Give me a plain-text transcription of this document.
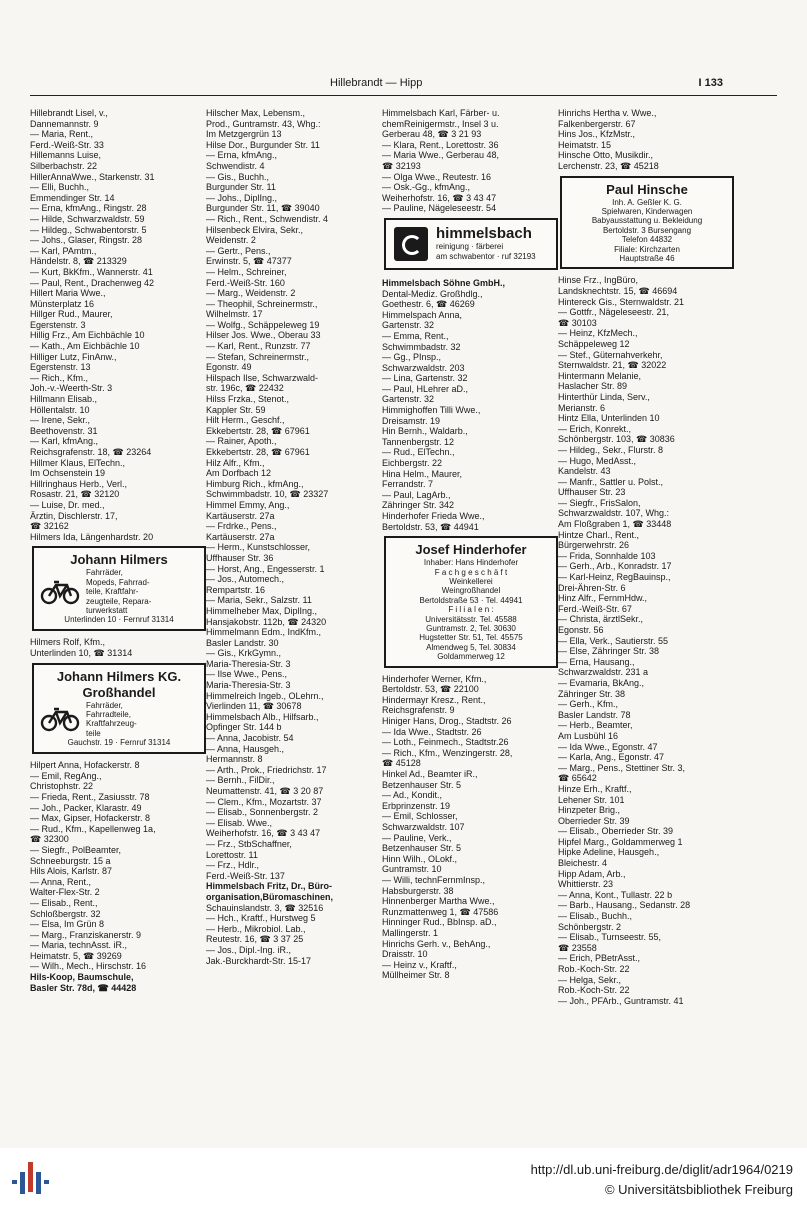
Hillebrandt — Hipp	I 133
Hillebrandt Lisel, v.,
Dannemannstr. 9
— Maria, Rent.,
Ferd.-Weiß-Str. 33
Hillemanns Luise,
Silberbachstr. 22
HillerAnnaWwe., Starkenstr. 31
— Elli, Buchh.,
Emmendinger Str. 14
— Erna, kfmAng., Ringstr. 28
— Hilde, Schwarzwaldstr. 59
— Hildeg., Schwabentorstr. 5
— Johs., Glaser, Ringstr. 28
— Karl, PAmtm.,
Händelstr. 8, ☎ 213329
— Kurt, BkKfm., Wannerstr. 41
— Paul, Rent., Drachenweg 42
Hillert Maria Wwe.,
Münsterplatz 16
Hillger Rud., Maurer,
Egerstenstr. 3
Hillig Frz., Am Eichbächle 10
— Kath., Am Eichbächle 10
Hilliger Lutz, FinAnw.,
Egerstenstr. 13
— Rich., Kfm.,
Joh.-v.-Weerth-Str. 3
Hillmann Elisab.,
Höllentalstr. 10
— Irene, Sekr.,
Beethovenstr. 31
— Karl, kfmAng.,
Reichsgrafenstr. 18, ☎ 23264
Hillmer Klaus, ElTechn.,
Im Ochsenstein 19
Hillringhaus Herb., Verl.,
Rosastr. 21, ☎ 32120
— Luise, Dr. med.,
Ärztin, Dischlerstr. 17,
☎ 32162
Hilmers Ida, Längenhardstr. 20
Johann Hilmers
Fahrräder,
Mopeds, Fahrrad-
teile, Kraftfahr-
zeugteile, Repara-
turwerkstatt
Unterlinden 10 · Fernruf 31314
Hilmers Rolf, Kfm.,
Unterlinden 10, ☎ 31314
Johann Hilmers KG.
Großhandel
Fahrräder,
Fahrradteile,
Kraftfahrzeug-
teile
Gauchstr. 19 · Fernruf 31314
Hilpert Anna, Hofackerstr. 8
— Emil, RegAng.,
Christophstr. 22
— Frieda, Rent., Zasiusstr. 78
— Joh., Packer, Klarastr. 49
— Max, Gipser, Hofackerstr. 8
— Rud., Kfm., Kapellenweg 1a,
☎ 32300
— Siegfr., PolBeamter,
Schneeburgstr. 15 a
Hils Alois, Karlstr. 87
— Anna, Rent.,
Walter-Flex-Str. 2
— Elisab., Rent.,
Schloßbergstr. 32
— Elsa, Im Grün 8
— Marg., Franziskanerstr. 9
— Maria, technAsst. iR.,
Heimatstr. 5, ☎ 39269
— Wilh., Mech., Hirschstr. 16
Hils-Koop, Baumschule,
Basler Str. 78d, ☎ 44428
Hilscher Max, Lebensm.,
Prod., Guntramstr. 43, Whg.:
Im Metzgergrün 13
Hilse Dor., Burgunder Str. 11
— Erna, kfmAng.,
Schwendistr. 4
— Gis., Buchh.,
Burgunder Str. 11
— Johs., DiplIng.,
Burgunder Str. 11, ☎ 39040
— Rich., Rent., Schwendistr. 4
Hilsenbeck Elvira, Sekr.,
Weidenstr. 2
— Gertr., Pens.,
Erwinstr. 5, ☎ 47377
— Helm., Schreiner,
Ferd.-Weiß-Str. 160
— Marg., Weidenstr. 2
— Theophil, Schreinermstr.,
Wilhelmstr. 17
— Wolfg., Schäppeleweg 19
Hilser Jos. Wwe., Oberau 33
— Karl, Rent., Runzstr. 77
— Stefan, Schreinermstr.,
Egonstr. 49
Hilspach Ilse, Schwarzwald-
str. 196c, ☎ 22432
Hilss Frzka., Stenot.,
Kappler Str. 59
Hilt Herm., Geschf.,
Ekkebertstr. 28, ☎ 67961
— Rainer, Apoth.,
Ekkebertstr. 28, ☎ 67961
Hilz Alfr., Kfm.,
Am Dorfbach 12
Himburg Rich., kfmAng.,
Schwimmbadstr. 10, ☎ 23327
Himmel Emmy, Ang.,
Kartäuserstr. 27a
— Frdrke., Pens.,
Kartäuserstr. 27a
— Herm., Kunstschlosser,
Uffhauser Str. 36
— Horst, Ang., Engesserstr. 1
— Jos., Automech.,
Rempartstr. 16
— Maria, Sekr., Salzstr. 11
Himmelheber Max, DiplIng.,
Hansjakobstr. 112b, ☎ 24320
Himmelmann Edm., IndKfm.,
Basler Landstr. 30
— Gis., KrkGymn.,
Maria-Theresia-Str. 3
— Ilse Wwe., Pens.,
Maria-Theresia-Str. 3
Himmelreich Ingeb., OLehrn.,
Vierlinden 11, ☎ 30678
Himmelsbach Alb., Hilfsarb.,
Opfinger Str. 144 b
— Anna, Jacobistr. 54
— Anna, Hausgeh.,
Hermannstr. 8
— Arth., Prok., Friedrichstr. 17
— Bernh., FilDir.,
Neumattenstr. 41, ☎ 3 20 87
— Clem., Kfm., Mozartstr. 37
— Elisab., Sonnenbergstr. 2
— Elisab. Wwe.,
Weiherhofstr. 16, ☎ 3 43 47
— Frz., StbSchaffner,
Lorettostr. 11
— Frz., Hdlr.,
Ferd.-Weiß-Str. 137
Himmelsbach Fritz, Dr., Büro-
organisation,Büromaschinen,
Schauinslandstr. 3, ☎ 32516
— Hch., Kraftf., Hurstweg 5
— Herb., Mikrobiol. Lab.,
Reutestr. 16, ☎ 3 37 25
— Jos., Dipl.-Ing. iR.,
Jak.-Burckhardt-Str. 15-17
Himmelsbach Karl, Färber- u.
chemReinigermstr., Insel 3 u.
Gerberau 48, ☎ 3 21 93
— Klara, Rent., Lorettostr. 36
— Maria Wwe., Gerberau 48,
☎ 32193
— Olga Wwe., Reutestr. 16
— Osk.-Gg., kfmAng.,
Weiherhofstr. 16, ☎ 3 43 47
— Pauline, Nägeleseestr. 54
himmelsbach
reinigung · färberei
am schwabentor · ruf 32193
Himmelsbach Söhne GmbH.,
Dental-Mediz. Großhdlg.,
Goethestr. 6, ☎ 46269
Himmelspach Anna,
Gartenstr. 32
— Emma, Rent.,
Schwimmbadstr. 32
— Gg., PInsp.,
Schwarzwaldstr. 203
— Lina, Gartenstr. 32
— Paul, HLehrer aD.,
Gartenstr. 32
Himmighoffen Tilli Wwe.,
Dreisamstr. 19
Hin Bernh., Waldarb.,
Tannenbergstr. 12
— Rud., ElTechn.,
Eichbergstr. 22
Hina Helm., Maurer,
Ferrandstr. 7
— Paul, LagArb.,
Zähringer Str. 342
Hinderhofer Frieda Wwe.,
Bertoldstr. 53, ☎ 44941
Josef Hinderhofer
Inhaber: Hans Hinderhofer
F a c h g e s c h ä f t
Weinkellerei
Weingroßhandel
Bertoldstraße 53 · Tel. 44941
F i l i a l e n :
Universitätsstr. Tel. 45588
Guntramstr. 2, Tel. 30630
Hugstetter Str. 51, Tel. 45575
Almendweg 5, Tel. 30834
Goldammerweg 12
Hinderhofer Werner, Kfm.,
Bertoldstr. 53, ☎ 22100
Hindermayr Kresz., Rent.,
Reichsgrafenstr. 9
Hiniger Hans, Drog., Stadtstr. 26
— Ida Wwe., Stadtstr. 26
— Loth., Feinmech., Stadtstr.26
— Rich., Kfm., Wenzingerstr. 28,
☎ 45128
Hinkel Ad., Beamter iR.,
Betzenhauser Str. 5
— Ad., Kondit.,
Erbprinzenstr. 19
— Emil, Schlosser,
Schwarzwaldstr. 107
— Pauline, Verk.,
Betzenhauser Str. 5
Hinn Wilh., OLokf.,
Guntramstr. 10
— Willi, technFernmInsp.,
Habsburgerstr. 38
Hinnenberger Martha Wwe.,
Runzmattenweg 1, ☎ 47586
Hinninger Rud., BbInsp. aD.,
Mallingerstr. 1
Hinrichs Gerh. v., BehAng.,
Draisstr. 10
— Heinz v., Kraftf.,
Müllheimer Str. 8
Hinrichs Hertha v. Wwe.,
Falkenbergerstr. 67
Hins Jos., KfzMstr.,
Heimatstr. 15
Hinsche Otto, Musikdir.,
Lerchenstr. 23, ☎ 45218
Paul Hinsche
Inh. A. Geßler K. G.
Spielwaren, Kinderwagen
Babyausstattung u. Bekleidung
Bertoldstr. 3 Bursengang
Telefon 44832
Filiale: Kirchzarten
Hauptstraße 46
Hinse Frz., IngBüro,
Landsknechtstr. 15, ☎ 46694
Hintereck Gis., Sternwaldstr. 21
— Gottfr., Nägeleseestr. 21,
☎ 30103
— Heinz, KfzMech.,
Schäppeleweg 12
— Stef., Güternahverkehr,
Sternwaldstr. 21, ☎ 32022
Hintermann Melanie,
Haslacher Str. 89
Hinterthür Linda, Serv.,
Merianstr. 6
Hintz Ella, Unterlinden 10
— Erich, Konrekt.,
Schönbergstr. 103, ☎ 30836
— Hildeg., Sekr., Flurstr. 8
— Hugo, MedAsst.,
Kandelstr. 43
— Manfr., Sattler u. Polst.,
Uffhauser Str. 23
— Siegfr., FrisSalon,
Schwarzwaldstr. 107, Whg.:
Am Floßgraben 1, ☎ 33448
Hintze Charl., Rent.,
Bürgerwehrstr. 26
— Frida, Sonnhalde 103
— Gerh., Arb., Konradstr. 17
— Karl-Heinz, RegBauinsp.,
Drei-Ähren-Str. 6
Hinz Alfr., FernmHdw.,
Ferd.-Weiß-Str. 67
— Christa, ärztlSekr.,
Egonstr. 56
— Ella, Verk., Sautierstr. 55
— Else, Zähringer Str. 38
— Erna, Hausang.,
Schwarzwaldstr. 231 a
— Evamaria, BkAng.,
Zähringer Str. 38
— Gerh., Kfm.,
Basler Landstr. 78
— Herb., Beamter,
Am Lusbühl 16
— Ida Wwe., Egonstr. 47
— Karla, Ang., Egonstr. 47
— Marg., Pens., Stettiner Str. 3,
☎ 65642
Hinze Erh., Kraftf.,
Lehener Str. 101
Hinzpeter Brig.,
Oberrieder Str. 39
— Elisab., Oberrieder Str. 39
Hipfel Marg., Goldammerweg 1
Hipke Adeline, Hausgeh.,
Bleichestr. 4
Hipp Adam, Arb.,
Whittierstr. 23
— Anna, Kont., Tullastr. 22 b
— Barb., Hausang., Sedanstr. 28
— Elisab., Buchh.,
Schönbergstr. 2
— Elisab., Turnseestr. 55,
☎ 23558
— Erich, PBetrAsst.,
Rob.-Koch-Str. 22
— Helga, Sekr.,
Rob.-Koch-Str. 22
— Joh., PFArb., Guntramstr. 41
http://dl.ub.uni-freiburg.de/diglit/adr1964/0219
© Universitätsbibliothek Freiburg
